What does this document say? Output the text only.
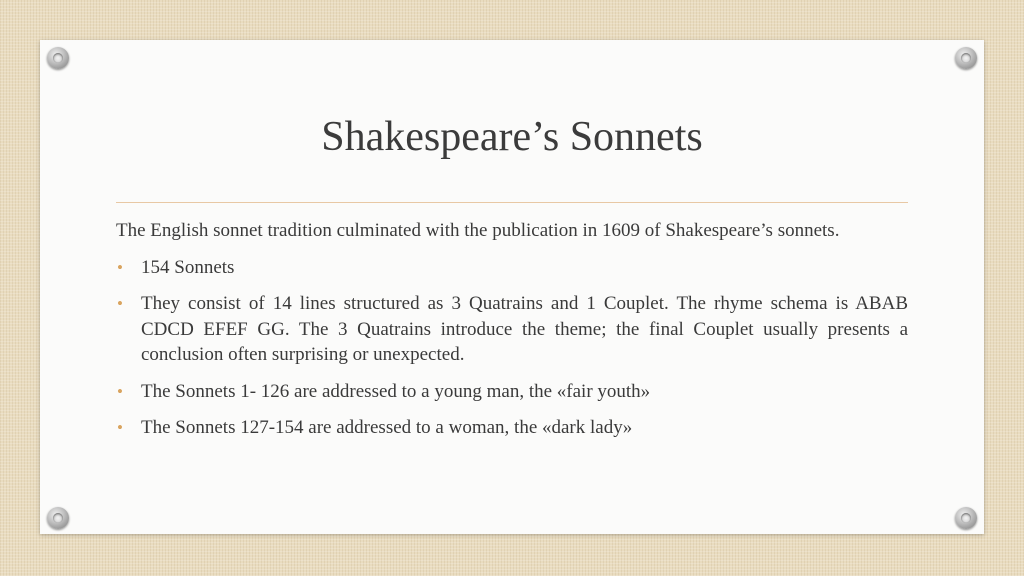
Shakespeare’s Sonnets

The English sonnet tradition culminated with the publication in 1609 of Shakespeare’s sonnets.

• 154 Sonnets
• They consist of 14 lines structured as 3 Quatrains and 1 Couplet. The rhyme schema is ABAB CDCD EFEF GG. The 3 Quatrains introduce the theme; the final Couplet usually presents a conclusion often surprising or unexpected.
• The Sonnets 1- 126 are addressed to a young man, the «fair youth»
• The Sonnets 127-154 are addressed to a woman, the «dark lady»
